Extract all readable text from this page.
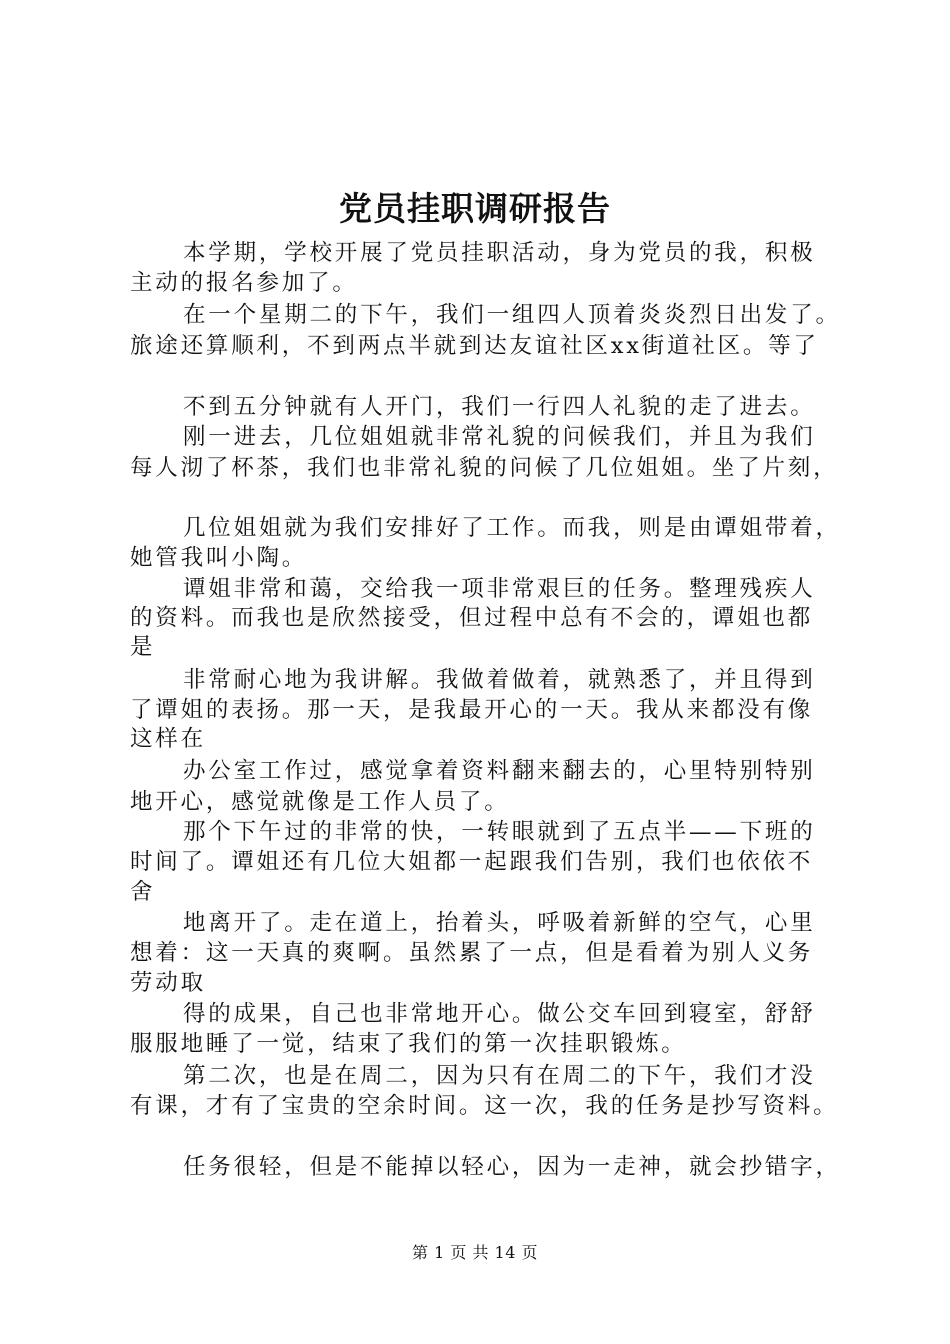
党员挂职调研报告
本学期，学校开展了党员挂职活动，身为党员的我，积极
主动的报名参加了。
在一个星期二的下午，我们一组四人顶着炎炎烈日出发了。
旅途还算顺利，不到两点半就到达友谊社区xx街道社区。等了
不到五分钟就有人开门，我们一行四人礼貌的走了进去。
刚一进去，几位姐姐就非常礼貌的问候我们，并且为我们
每人沏了杯茶，我们也非常礼貌的问候了几位姐姐。坐了片刻，
几位姐姐就为我们安排好了工作。而我，则是由谭姐带着，
她管我叫小陶。
谭姐非常和蔼，交给我一项非常艰巨的任务。整理残疾人
的资料。而我也是欣然接受，但过程中总有不会的，谭姐也都
是
非常耐心地为我讲解。我做着做着，就熟悉了，并且得到
了谭姐的表扬。那一天，是我最开心的一天。我从来都没有像
这样在
办公室工作过，感觉拿着资料翻来翻去的，心里特别特别
地开心，感觉就像是工作人员了。
那个下午过的非常的快，一转眼就到了五点半——下班的
时间了。谭姐还有几位大姐都一起跟我们告别，我们也依依不
舍
地离开了。走在道上，抬着头，呼吸着新鲜的空气，心里
想着：这一天真的爽啊。虽然累了一点，但是看着为别人义务
劳动取
得的成果，自己也非常地开心。做公交车回到寝室，舒舒
服服地睡了一觉，结束了我们的第一次挂职锻炼。
第二次，也是在周二，因为只有在周二的下午，我们才没
有课，才有了宝贵的空余时间。这一次，我的任务是抄写资料。
任务很轻，但是不能掉以轻心，因为一走神，就会抄错字，
第 1 页 共 14 页
